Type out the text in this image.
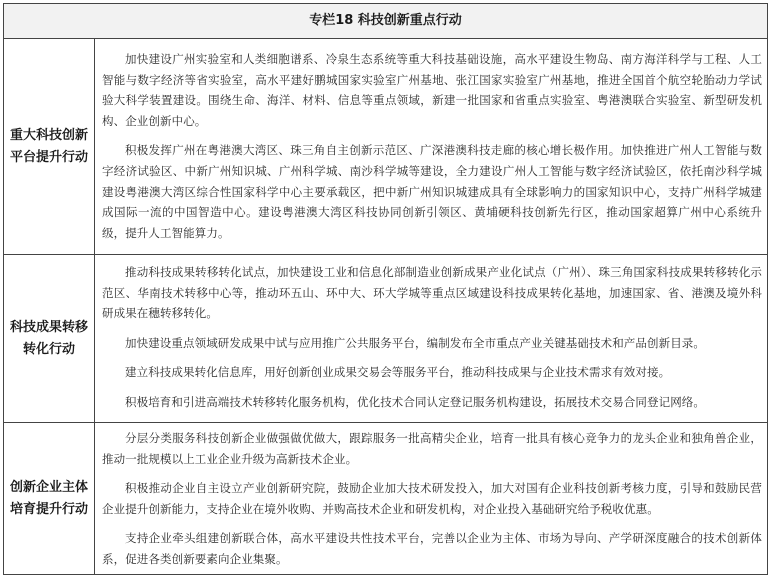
专栏18 科技创新重点行动
重大科技创新平台提升行动

加快建设广州实验室和人类细胞谱系、冷泉生态系统等重大科技基础设施，高水平建设生物岛、南方海洋科学与工程、人工智能与数字经济等省实验室，高水平建好鹏城国家实验室广州基地、张江国家实验室广州基地，推进全国首个航空轮胎动力学试验大科学装置建设。围绕生命、海洋、材料、信息等重点领域，新建一批国家和省重点实验室、粤港澳联合实验室、新型研发机构、企业创新中心。

积极发挥广州在粤港澳大湾区、珠三角自主创新示范区、广深港澳科技走廊的核心增长极作用。加快推进广州人工智能与数字经济试验区、中新广州知识城、广州科学城、南沙科学城等建设，全力建设广州人工智能与数字经济试验区，依托南沙科学城建设粤港澳大湾区综合性国家科学中心主要承载区，把中新广州知识城建成具有全球影响力的国家知识中心，支持广州科学城建成国际一流的中国智造中心。建设粤港澳大湾区科技协同创新引领区、黄埔硬科技创新先行区，推动国家超算广州中心系统升级，提升人工智能算力。

科技成果转移转化行动

推动科技成果转移转化试点，加快建设工业和信息化部制造业创新成果产业化试点（广州）、珠三角国家科技成果转移转化示范区、华南技术转移中心等，推动环五山、环中大、环大学城等重点区域建设科技成果转化基地，加速国家、省、港澳及境外科研成果在穗转移转化。

加快建设重点领域研发成果中试与应用推广公共服务平台，编制发布全市重点产业关键基础技术和产品创新目录。

建立科技成果转化信息库，用好创新创业成果交易会等服务平台，推动科技成果与企业技术需求有效对接。

积极培育和引进高端技术转移转化服务机构，优化技术合同认定登记服务机构建设，拓展技术交易合同登记网络。

创新企业主体培育提升行动

分层分类服务科技创新企业做强做优做大，跟踪服务一批高精尖企业，培育一批具有核心竞争力的龙头企业和独角兽企业，推动一批规模以上工业企业升级为高新技术企业。

积极推动企业自主设立产业创新研究院，鼓励企业加大技术研发投入，加大对国有企业科技创新考核力度，引导和鼓励民营企业提升创新能力，支持企业在境外收购、并购高技术企业和研发机构，对企业投入基础研究给予税收优惠。

支持企业牵头组建创新联合体，高水平建设共性技术平台，完善以企业为主体、市场为导向、产学研深度融合的技术创新体系，促进各类创新要素向企业集聚。
